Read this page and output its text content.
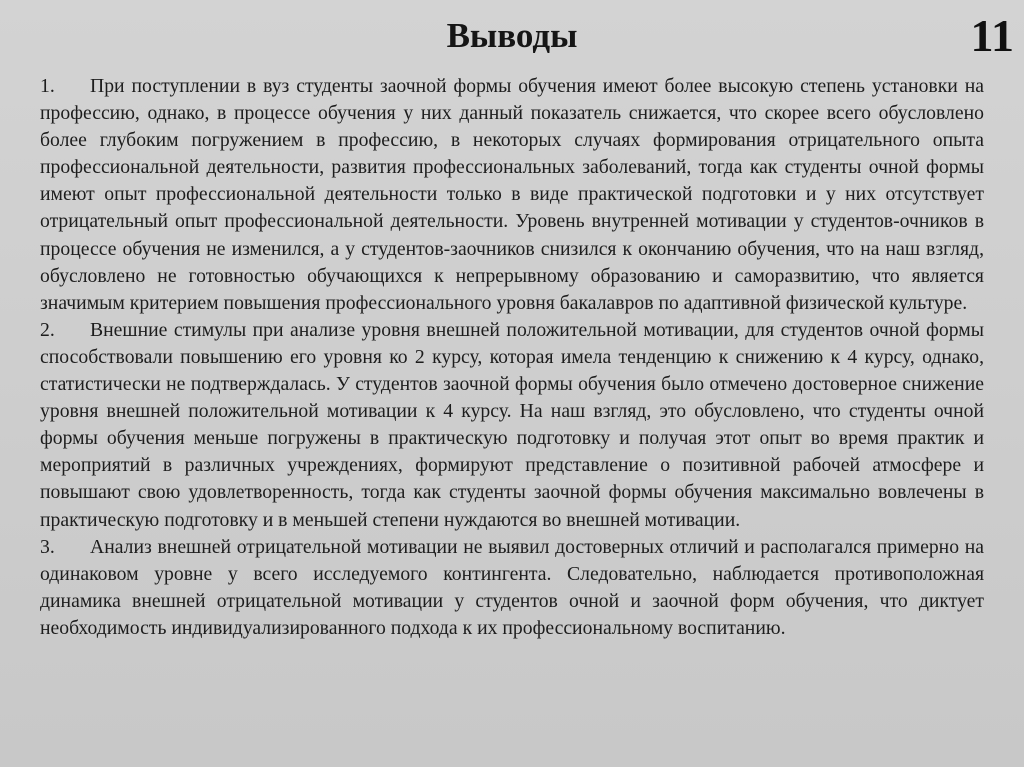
Выводы	11

1. При поступлении в вуз студенты заочной формы обучения имеют более высокую степень установки на профессию, однако, в процессе обучения у них данный показатель снижается, что скорее всего обусловлено более глубоким погружением в профессию, в некоторых случаях формирования отрицательного опыта профессиональной деятельности, развития профессиональных заболеваний, тогда как студенты очной формы имеют опыт профессиональной деятельности только в виде практической подготовки и у них отсутствует отрицательный опыт профессиональной деятельности. Уровень внутренней мотивации у студентов-очников в процессе обучения не изменился, а у студентов-заочников снизился к окончанию обучения, что на наш взгляд, обусловлено не готовностью обучающихся к непрерывному образованию и саморазвитию, что является значимым критерием повышения профессионального уровня бакалавров по адаптивной физической культуре.

2. Внешние стимулы при анализе уровня внешней положительной мотивации, для студентов очной формы способствовали повышению его уровня ко 2 курсу, которая имела тенденцию к снижению к 4 курсу, однако, статистически не подтверждалась. У студентов заочной формы обучения было отмечено достоверное снижение уровня внешней положительной мотивации к 4 курсу. На наш взгляд, это обусловлено, что студенты очной формы обучения меньше погружены в практическую подготовку и получая этот опыт во время практик и мероприятий в различных учреждениях, формируют представление о позитивной рабочей атмосфере и повышают свою удовлетворенность, тогда как студенты заочной формы обучения максимально вовлечены в практическую подготовку и в меньшей степени нуждаются во внешней мотивации.

3. Анализ внешней отрицательной мотивации не выявил достоверных отличий и располагался примерно на одинаковом уровне у всего исследуемого контингента. Следовательно, наблюдается противоположная динамика внешней отрицательной мотивации у студентов очной и заочной форм обучения, что диктует необходимость индивидуализированного подхода к их профессиональному воспитанию.
